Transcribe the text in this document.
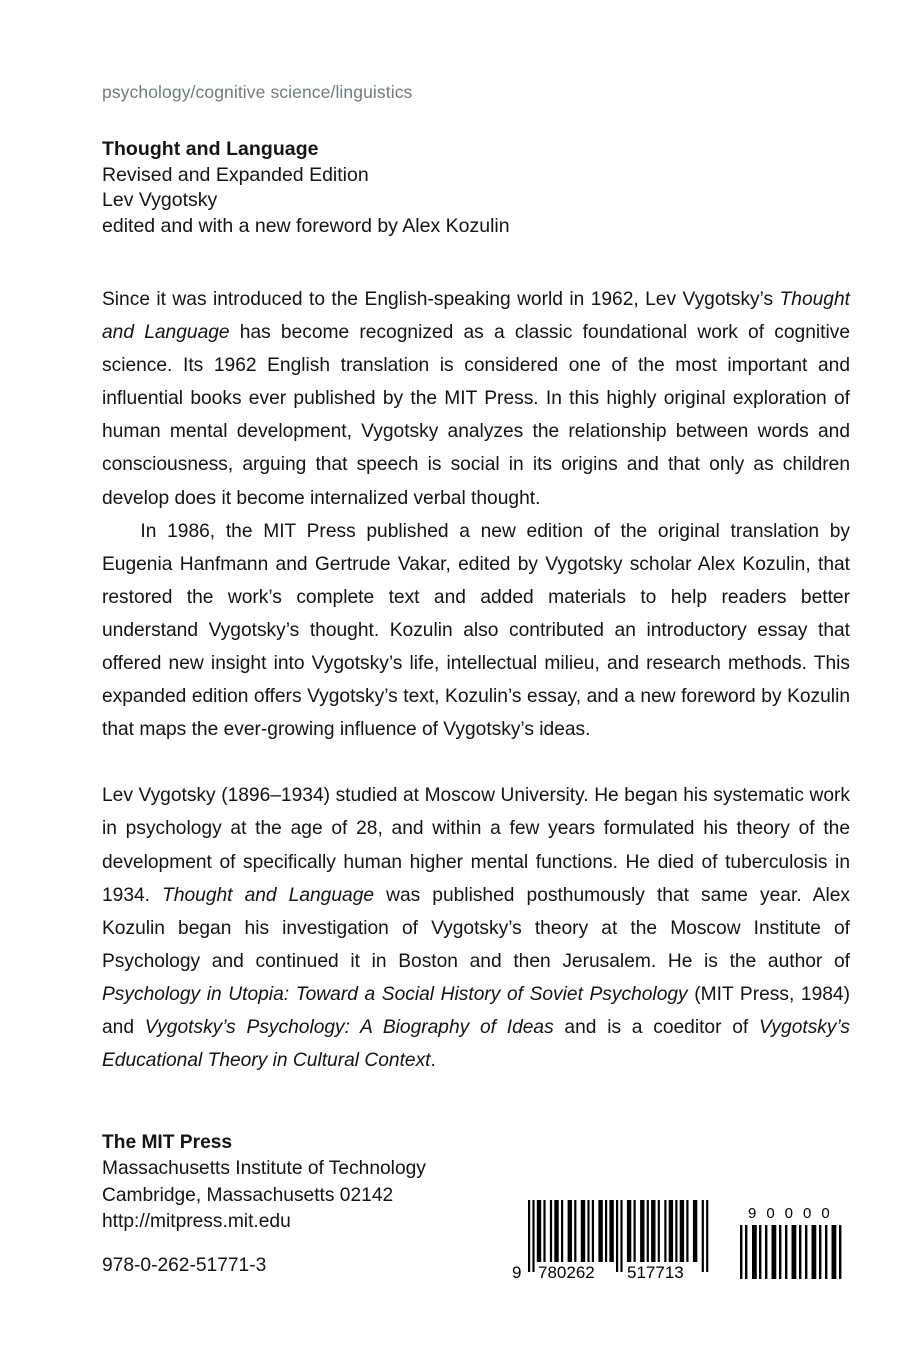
psychology/cognitive science/linguistics
Thought and Language
Revised and Expanded Edition
Lev Vygotsky
edited and with a new foreword by Alex Kozulin

Since it was introduced to the English-speaking world in 1962, Lev Vygotsky’s Thought and Language has become recognized as a classic foundational work of cognitive science. Its 1962 English translation is considered one of the most important and influential books ever published by the MIT Press. In this highly original exploration of human mental development, Vygotsky analyzes the relationship between words and consciousness, arguing that speech is social in its origins and that only as children develop does it become internalized verbal thought.

In 1986, the MIT Press published a new edition of the original translation by Eugenia Hanfmann and Gertrude Vakar, edited by Vygotsky scholar Alex Kozulin, that restored the work’s complete text and added materials to help readers better understand Vygotsky’s thought. Kozulin also contributed an introductory essay that offered new insight into Vygotsky’s life, intellectual milieu, and research methods. This expanded edition offers Vygotsky’s text, Kozulin’s essay, and a new foreword by Kozulin that maps the ever-growing influence of Vygotsky’s ideas.

Lev Vygotsky (1896–1934) studied at Moscow University. He began his systematic work in psychology at the age of 28, and within a few years formulated his theory of the development of specifically human higher mental functions. He died of tuberculosis in 1934. Thought and Language was published posthumously that same year. Alex Kozulin began his investigation of Vygotsky’s theory at the Moscow Institute of Psychology and continued it in Boston and then Jerusalem. He is the author of Psychology in Utopia: Toward a Social History of Soviet Psychology (MIT Press, 1984) and Vygotsky’s Psychology: A Biography of Ideas and is a coeditor of Vygotsky’s Educational Theory in Cultural Context.

The MIT Press
Massachusetts Institute of Technology
Cambridge, Massachusetts 02142
http://mitpress.mit.edu
978-0-262-51771-3	9 780262 517713
90000
